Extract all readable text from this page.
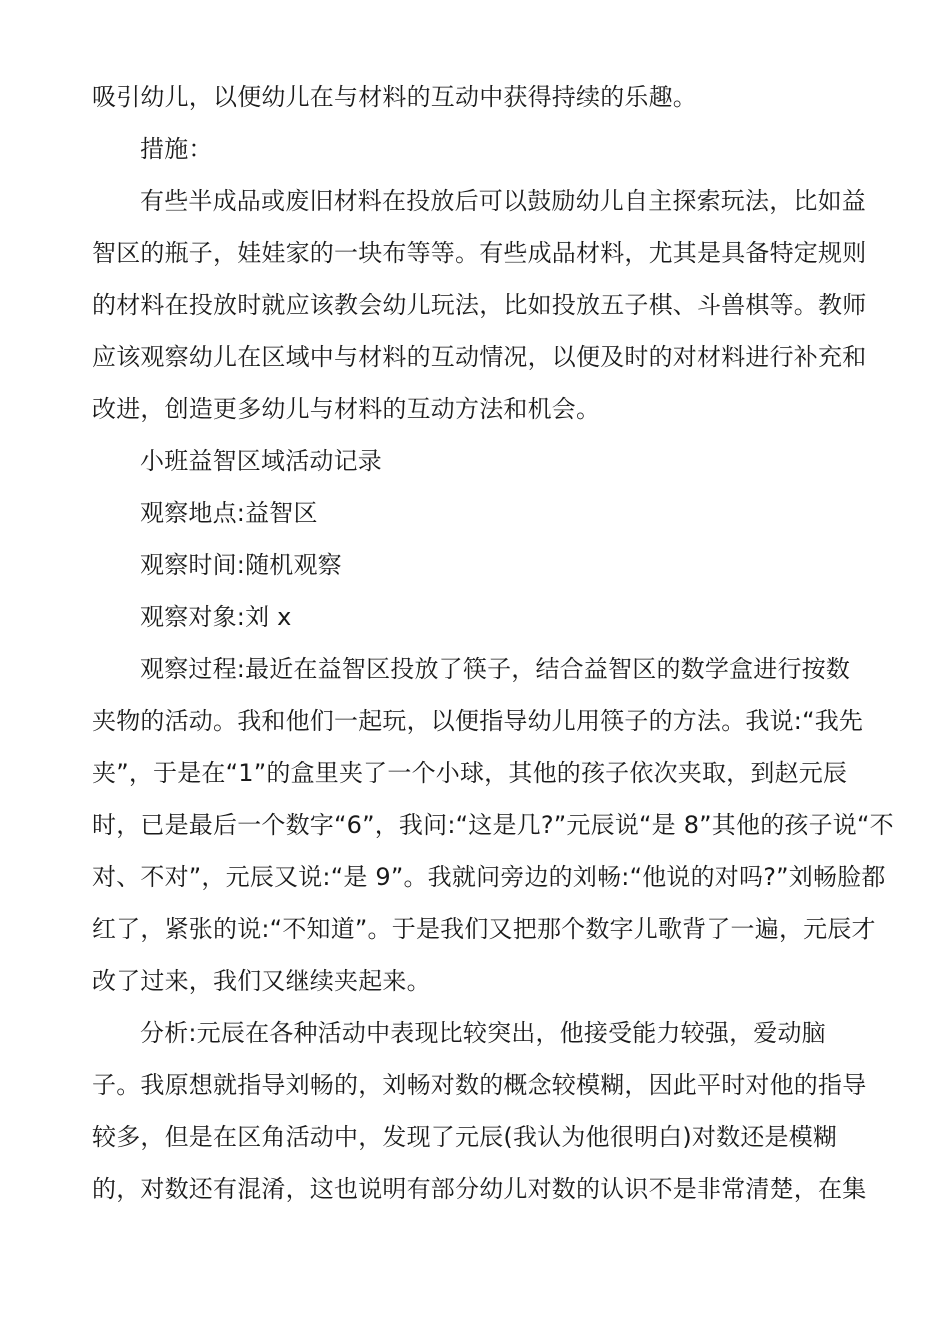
吸引幼儿，以便幼儿在与材料的互动中获得持续的乐趣。
措施：
有些半成品或废旧材料在投放后可以鼓励幼儿自主探索玩法，比如益
智区的瓶子，娃娃家的一块布等等。有些成品材料，尤其是具备特定规则
的材料在投放时就应该教会幼儿玩法，比如投放五子棋、斗兽棋等。教师
应该观察幼儿在区域中与材料的互动情况，以便及时的对材料进行补充和
改进，创造更多幼儿与材料的互动方法和机会。
小班益智区域活动记录
观察地点:益智区
观察时间:随机观察
观察对象:刘 x
观察过程:最近在益智区投放了筷子，结合益智区的数学盒进行按数
夹物的活动。我和他们一起玩，以便指导幼儿用筷子的方法。我说:“我先
夹”，于是在“1”的盒里夹了一个小球，其他的孩子依次夹取，到赵元辰
时，已是最后一个数字“6”，我问:“这是几?”元辰说“是 8”其他的孩子说“不
对、不对”，元辰又说:“是 9”。我就问旁边的刘畅:“他说的对吗?”刘畅脸都
红了，紧张的说:“不知道”。于是我们又把那个数字儿歌背了一遍，元辰才
改了过来，我们又继续夹起来。
分析:元辰在各种活动中表现比较突出，他接受能力较强，爱动脑
子。我原想就指导刘畅的，刘畅对数的概念较模糊，因此平时对他的指导
较多，但是在区角活动中，发现了元辰(我认为他很明白)对数还是模糊
的，对数还有混淆，这也说明有部分幼儿对数的认识不是非常清楚，在集
